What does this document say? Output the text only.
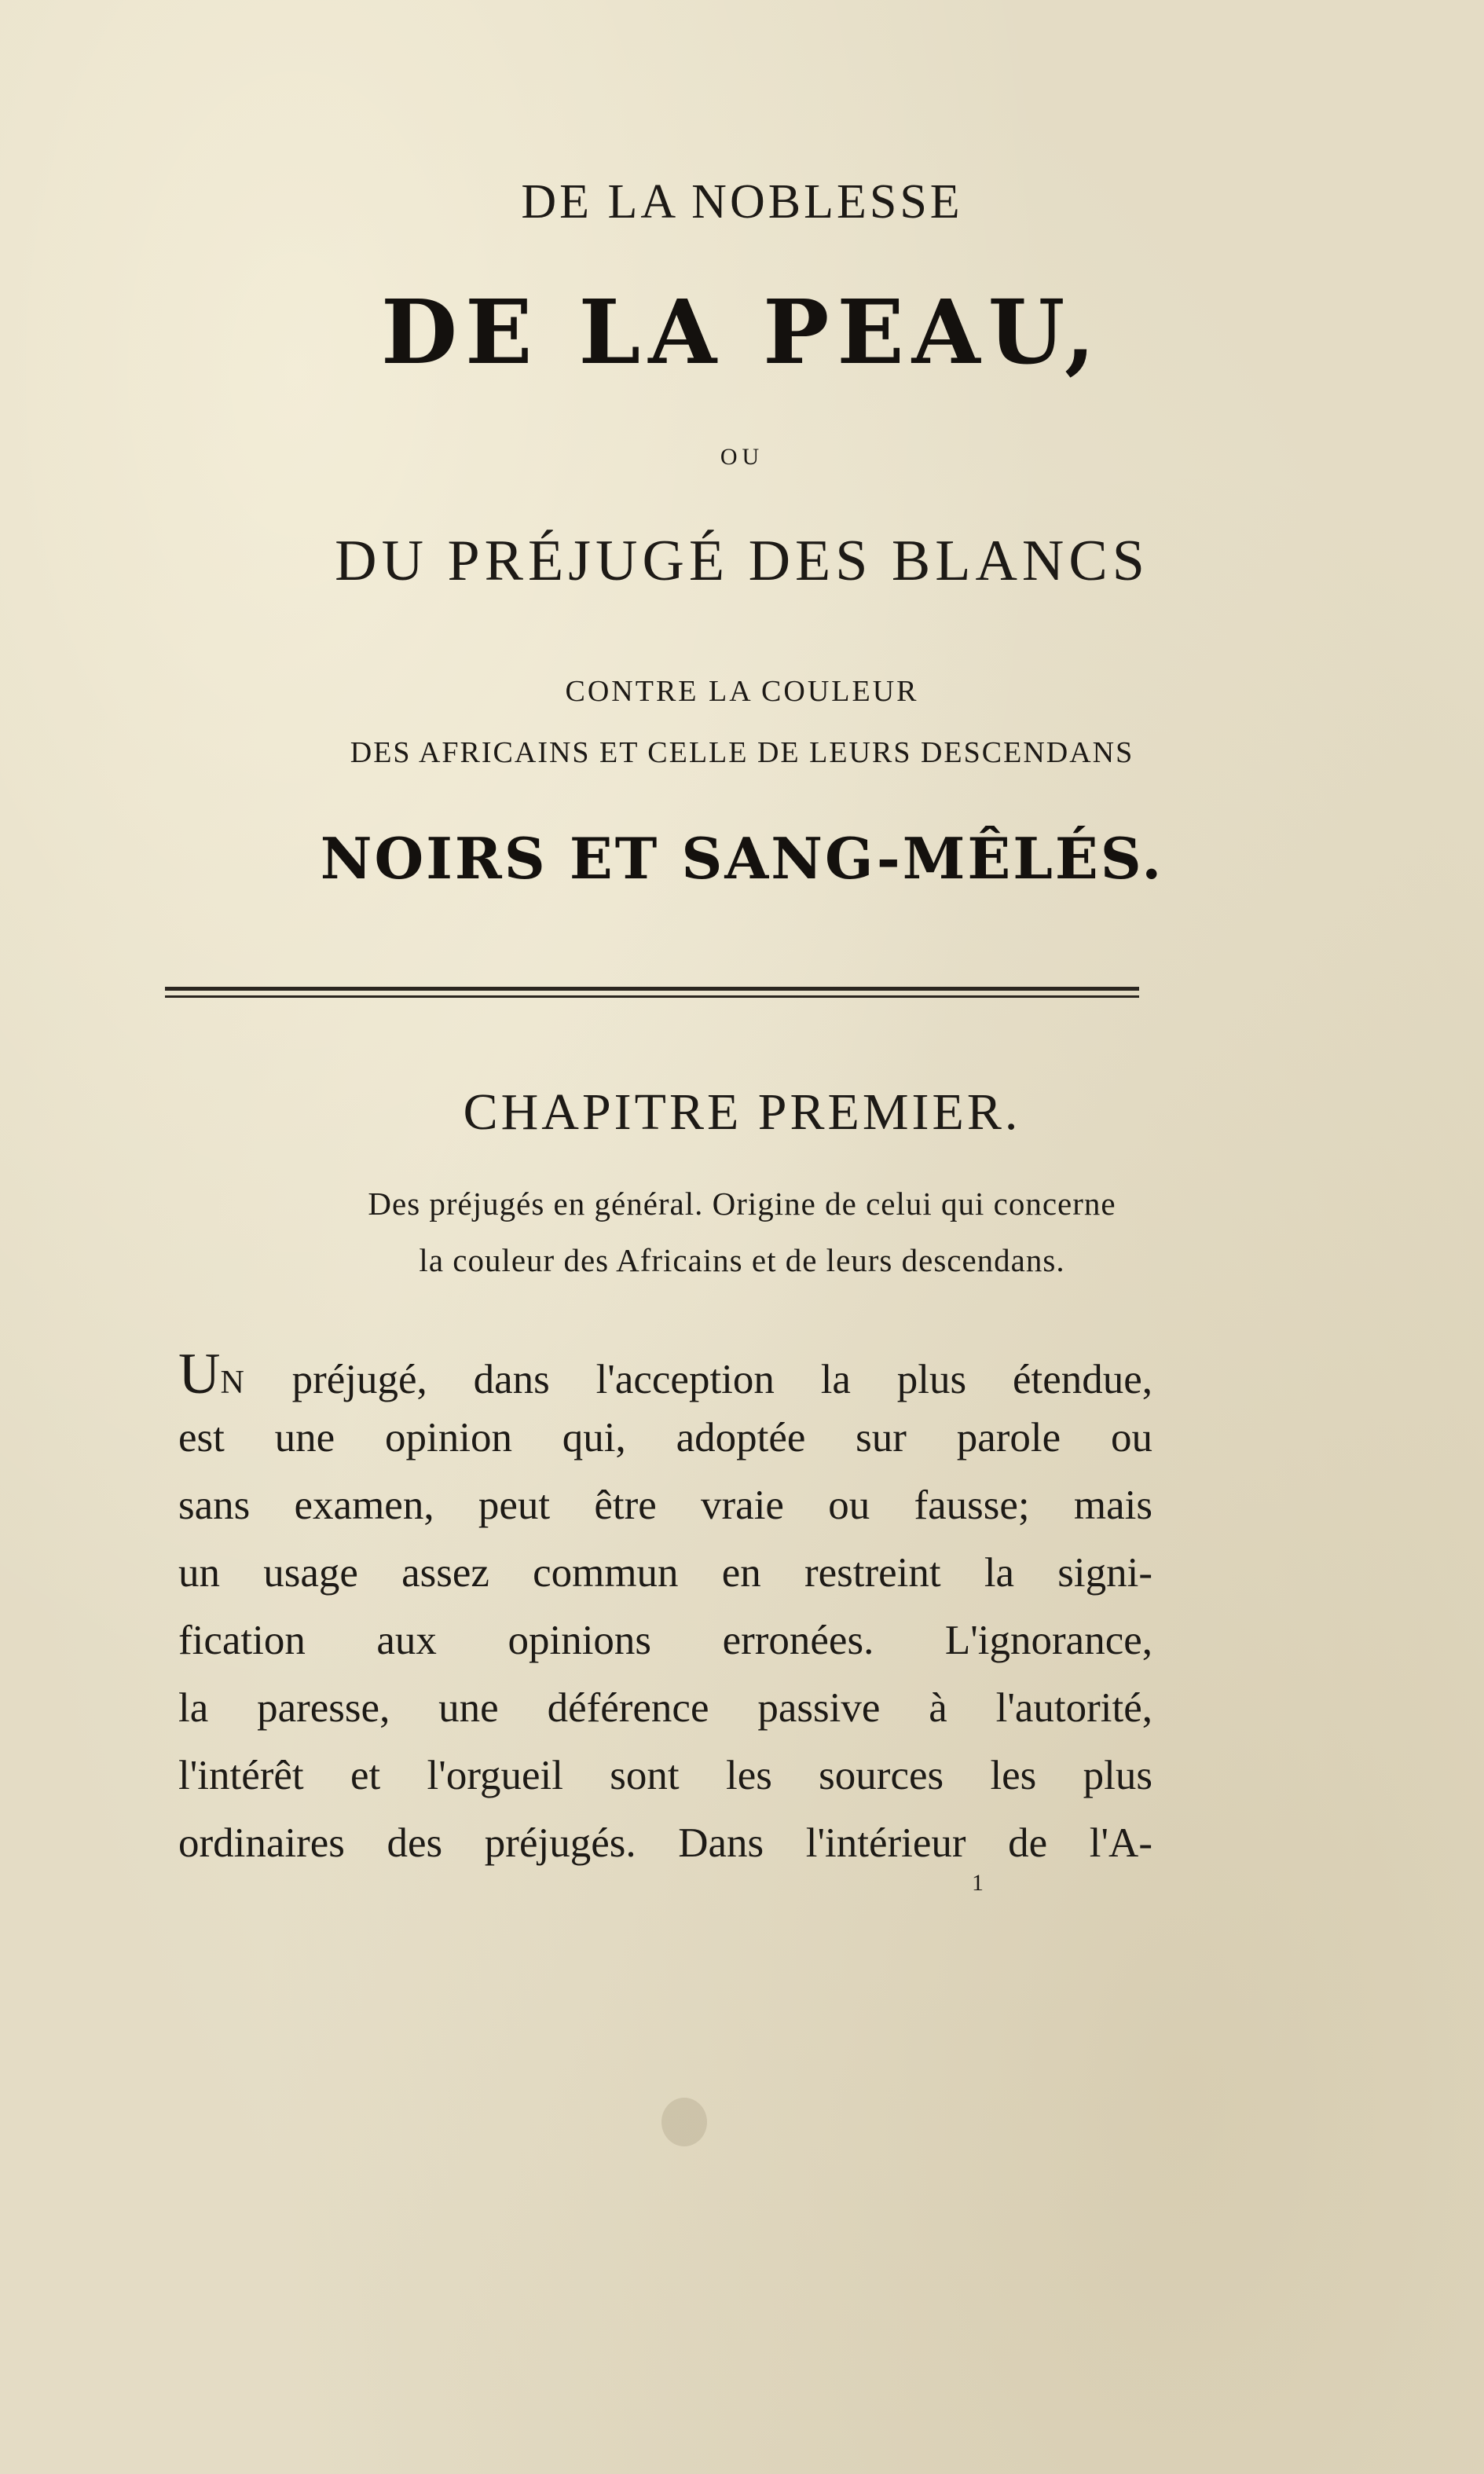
DE LA NOBLESSE
DE LA PEAU,
OU
DU PRÉJUGÉ DES BLANCS
CONTRE LA COULEUR
DES AFRICAINS ET CELLE DE LEURS DESCENDANS
NOIRS ET SANG-MÊLÉS.
CHAPITRE PREMIER.
Des préjugés en général. Origine de celui qui concerne
la couleur des Africains et de leurs descendans.
UN préjugé, dans l'acception la plus étendue,
est une opinion qui, adoptée sur parole ou
sans examen, peut être vraie ou fausse; mais
un usage assez commun en restreint la signi-
fication aux opinions erronées. L'ignorance,
la paresse, une déférence passive à l'autorité,
l'intérêt et l'orgueil sont les sources les plus
ordinaires des préjugés. Dans l'intérieur de l'A-
1
